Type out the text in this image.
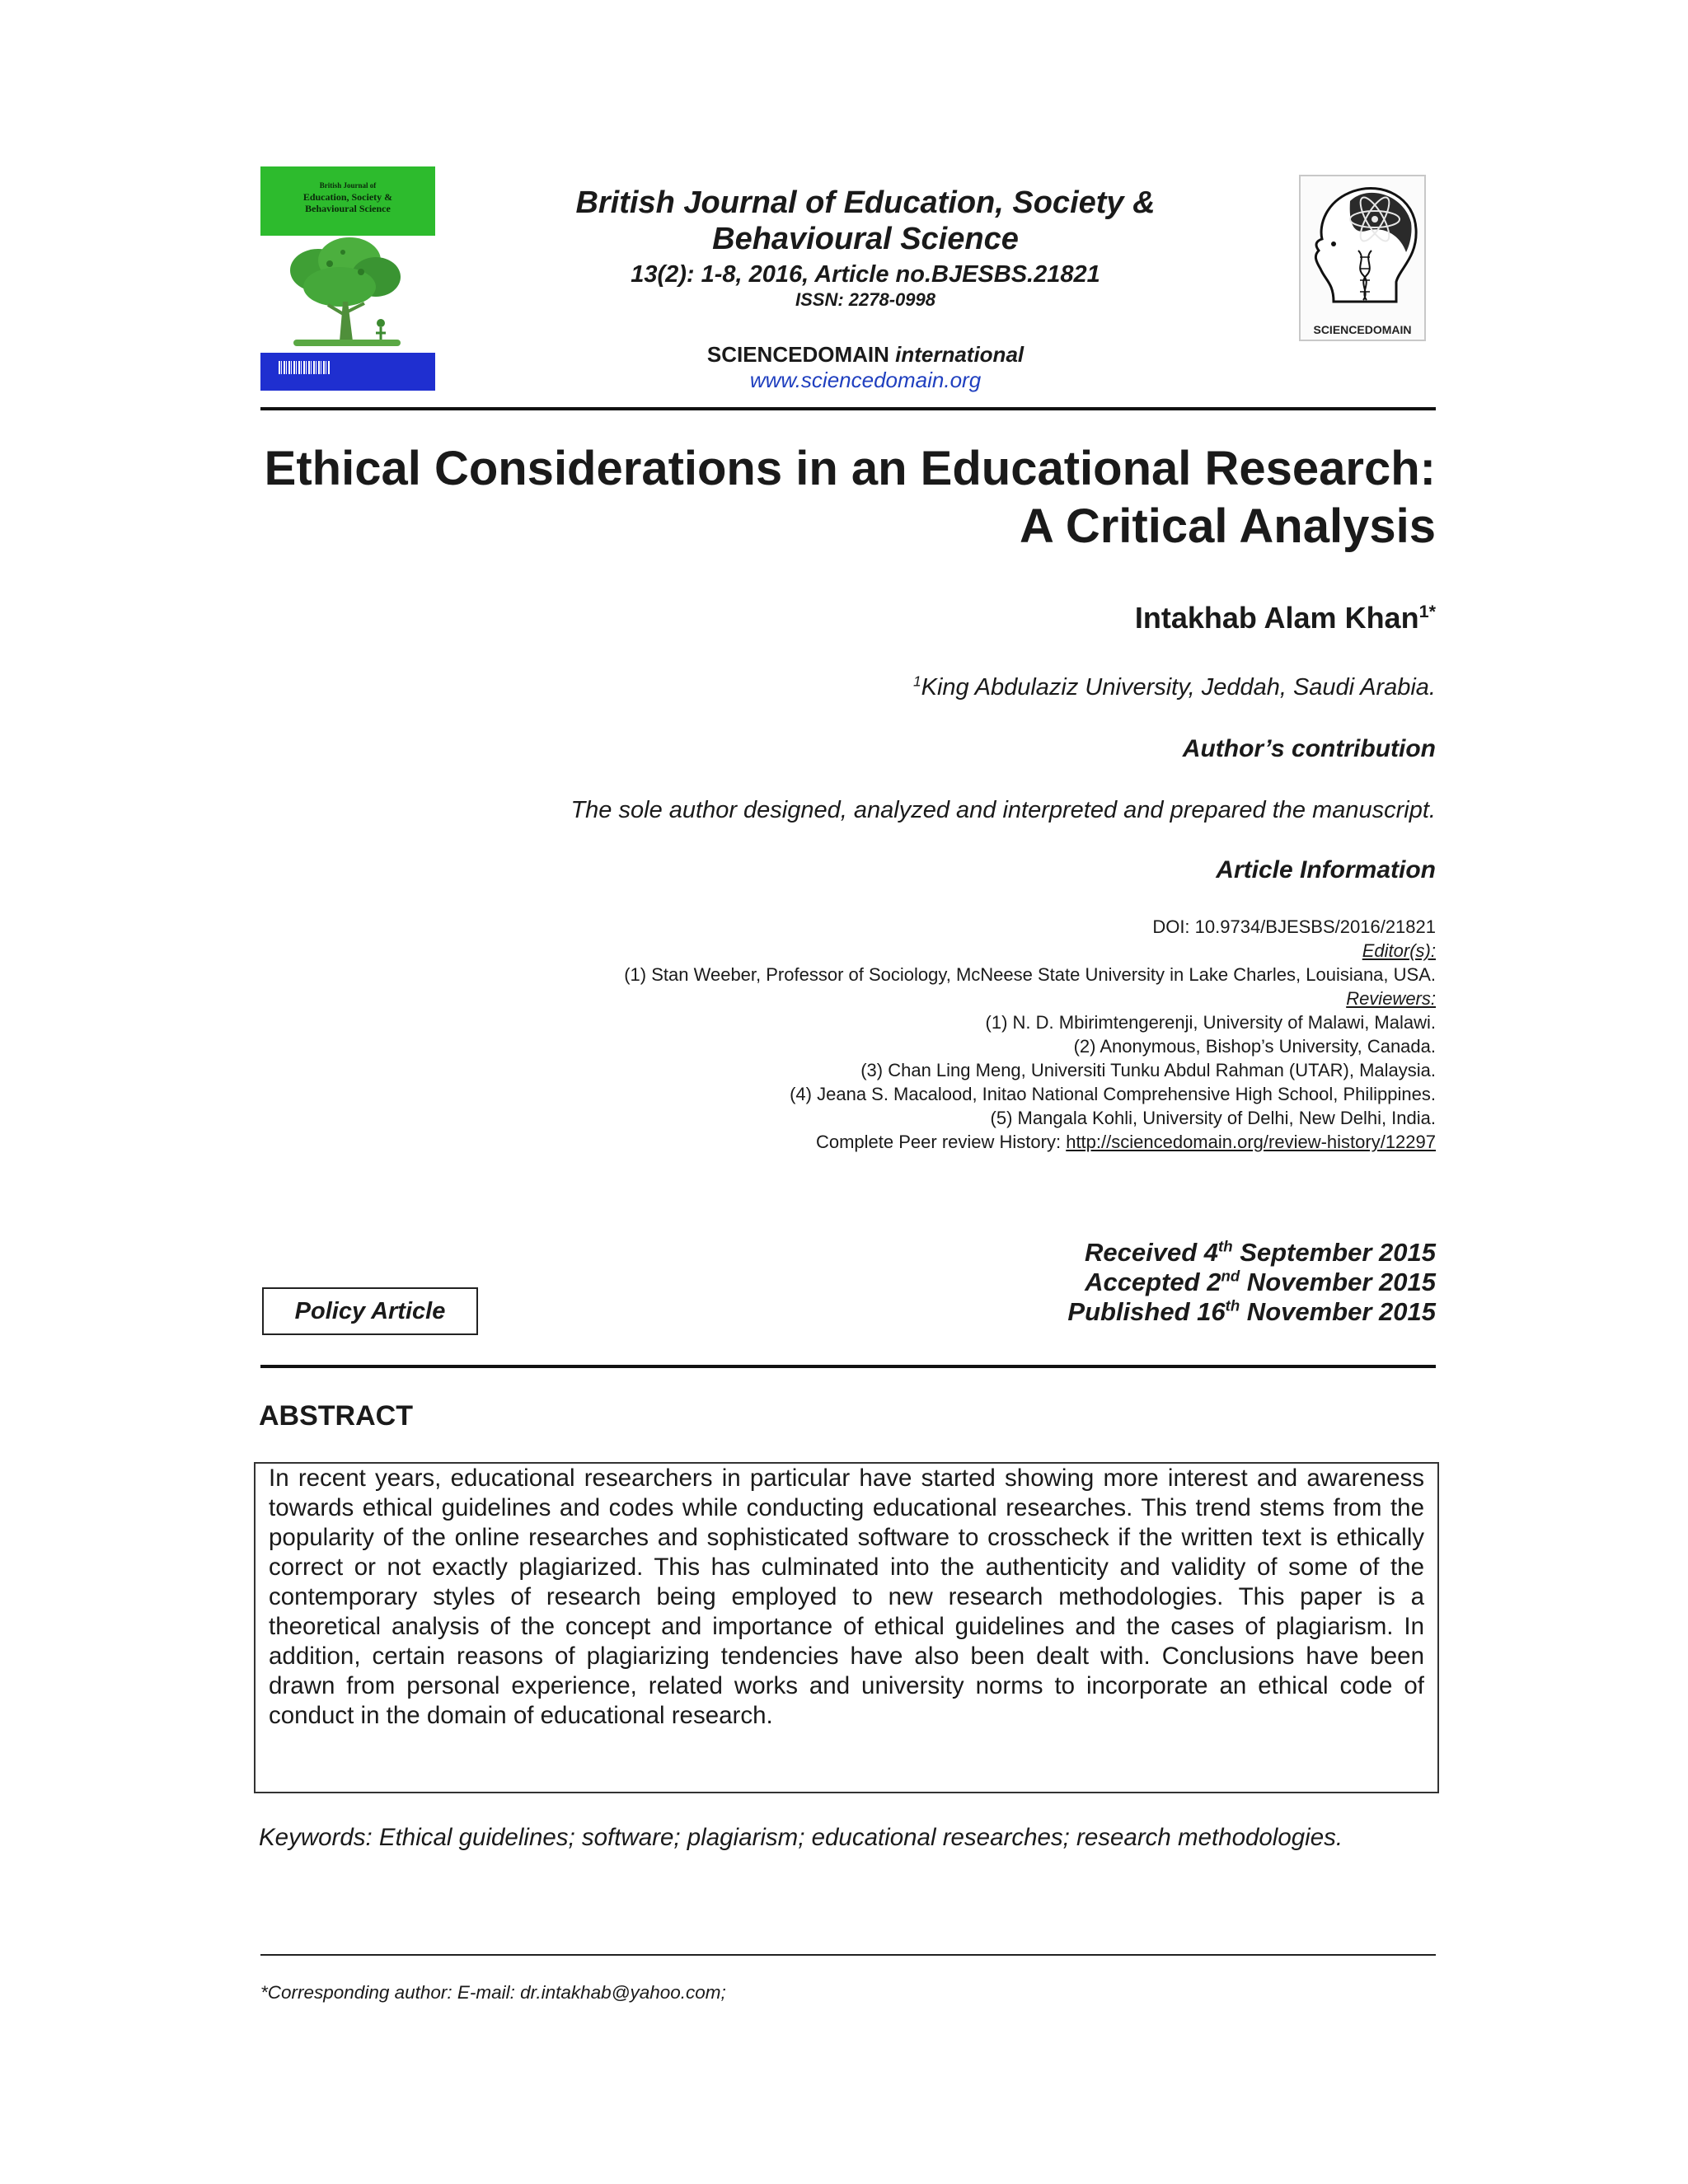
British Journal of
Education, Society &
Behavioural Science	British Journal of Education, Society &
Behavioural Science

13(2): 1-8, 2016, Article no.BJESBS.21821

ISSN: 2278-0998

SCIENCEDOMAIN international

www.sciencedomain.org

SCIENCEDOMAIN
Ethical Considerations in an Educational Research:
A Critical Analysis

Intakhab Alam Khan$^{1*}$

$^1$King Abdulaziz University, Jeddah, Saudi Arabia.

Author’s contribution

The sole author designed, analyzed and interpreted and prepared the manuscript.

Article Information

DOI: 10.9734/BJESBS/2016/21821
Editor(s):
(1) Stan Weeber, Professor of Sociology, McNeese State University in Lake Charles, Louisiana, USA.
Reviewers:
(1) N. D. Mbirimtengerenji, University of Malawi, Malawi.
(2) Anonymous, Bishop’s University, Canada.
(3) Chan Ling Meng, Universiti Tunku Abdul Rahman (UTAR), Malaysia.
(4) Jeana S. Macalood, Initao National Comprehensive High School, Philippines.
(5) Mangala Kohli, University of Delhi, New Delhi, India.
Complete Peer review History: http://sciencedomain.org/review-history/12297

Received 4th September 2015
Accepted 2nd November 2015
Published 16th November 2015

Policy Article
ABSTRACT

In recent years, educational researchers in particular have started showing more interest and awareness towards ethical guidelines and codes while conducting educational researches. This trend stems from the popularity of the online researches and sophisticated software to crosscheck if the written text is ethically correct or not exactly plagiarized. This has culminated into the authenticity and validity of some of the contemporary styles of research being employed to new research methodologies. This paper is a theoretical analysis of the concept and importance of ethical guidelines and the cases of plagiarism. In addition, certain reasons of plagiarizing tendencies have also been dealt with. Conclusions have been drawn from personal experience, related works and university norms to incorporate an ethical code of conduct in the domain of educational research.

Keywords: Ethical guidelines; software; plagiarism; educational researches; research methodologies.

*Corresponding author: E-mail: dr.intakhab@yahoo.com;
